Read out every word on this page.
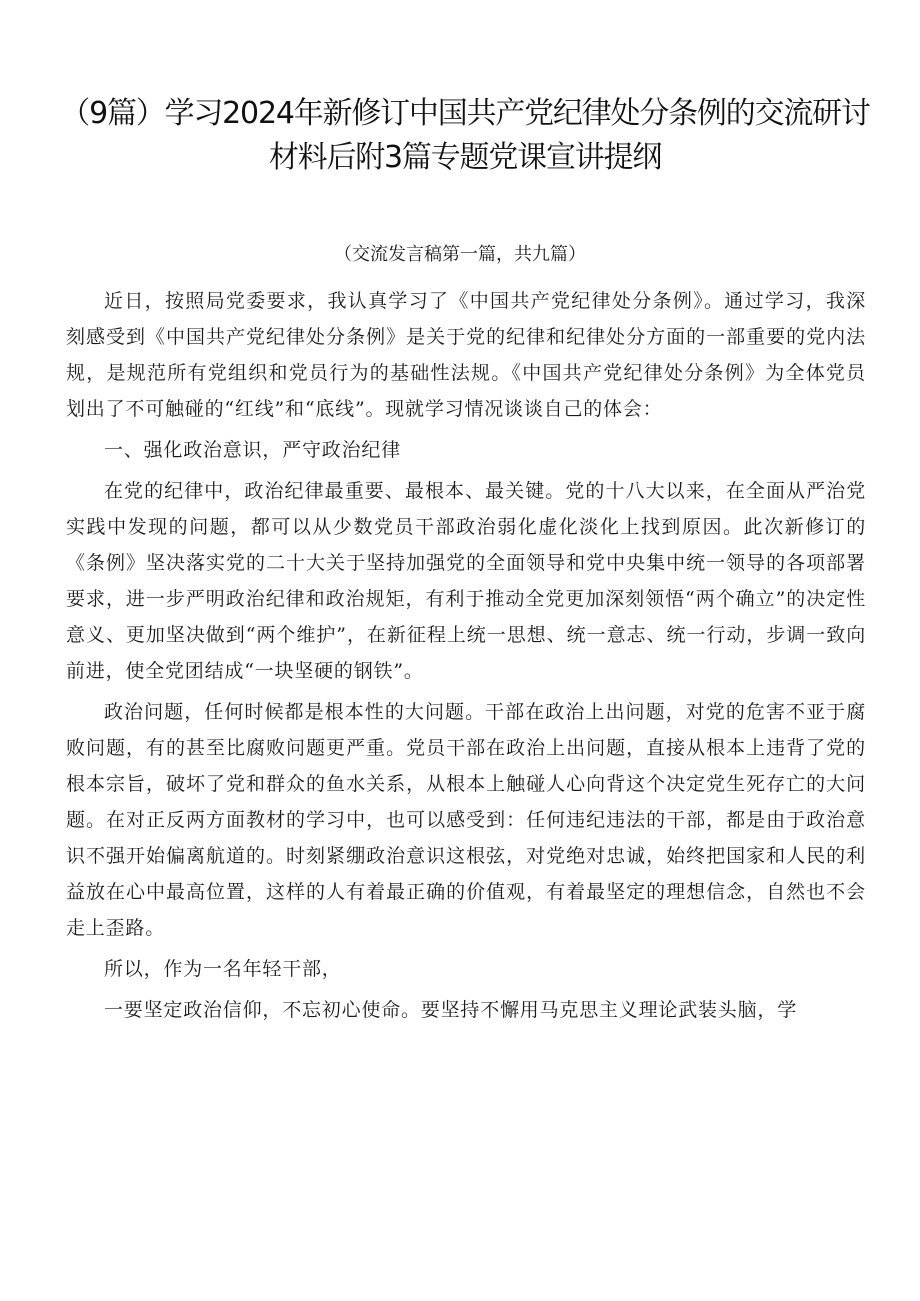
（9篇）学习2024年新修订中国共产党纪律处分条例的交流研讨材料后附3篇专题党课宣讲提纲
（交流发言稿第一篇，共九篇）

近日，按照局党委要求，我认真学习了《中国共产党纪律处分条例》。通过学习，我深刻感受到《中国共产党纪律处分条例》是关于党的纪律和纪律处分方面的一部重要的党内法规，是规范所有党组织和党员行为的基础性法规。《中国共产党纪律处分条例》为全体党员划出了不可触碰的“红线”和“底线”。现就学习情况谈谈自己的体会：

一、强化政治意识，严守政治纪律

在党的纪律中，政治纪律最重要、最根本、最关键。党的十八大以来，在全面从严治党实践中发现的问题，都可以从少数党员干部政治弱化虚化淡化上找到原因。此次新修订的《条例》坚决落实党的二十大关于坚持加强党的全面领导和党中央集中统一领导的各项部署要求，进一步严明政治纪律和政治规矩，有利于推动全党更加深刻领悟“两个确立”的决定性意义、更加坚决做到“两个维护”，在新征程上统一思想、统一意志、统一行动，步调一致向前进，使全党团结成“一块坚硬的钢铁”。

政治问题，任何时候都是根本性的大问题。干部在政治上出问题，对党的危害不亚于腐败问题，有的甚至比腐败问题更严重。党员干部在政治上出问题，直接从根本上违背了党的根本宗旨，破坏了党和群众的鱼水关系，从根本上触碰人心向背这个决定党生死存亡的大问题。在对正反两方面教材的学习中，也可以感受到：任何违纪违法的干部，都是由于政治意识不强开始偏离航道的。时刻紧绷政治意识这根弦，对党绝对忠诚，始终把国家和人民的利益放在心中最高位置，这样的人有着最正确的价值观，有着最坚定的理想信念，自然也不会走上歪路。

所以，作为一名年轻干部，

一要坚定政治信仰，不忘初心使命。要坚持不懈用马克思主义理论武装头脑，学
